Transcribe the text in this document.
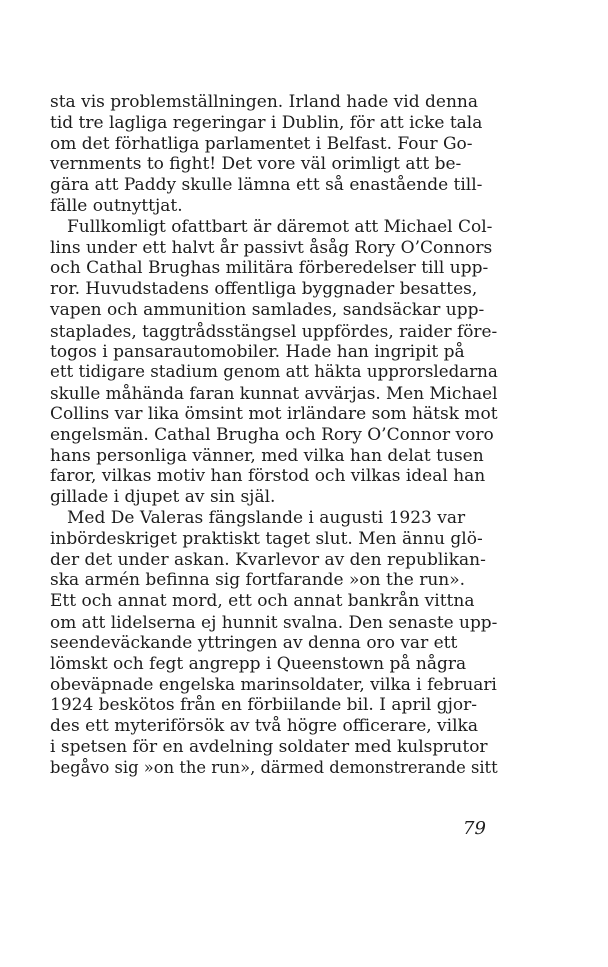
sta vis problemställningen. Irland hade vid denna
tid tre lagliga regeringar i Dublin, för att icke tala
om det förhatliga parlamentet i Belfast. Four Go-
vernments to fight! Det vore väl orimligt att be-
gära att Paddy skulle lämna ett så enastående till-
fälle outnyttjat.
Fullkomligt ofattbart är däremot att Michael Col-
lins under ett halvt år passivt åsåg Rory O’Connors
och Cathal Brughas militära förberedelser till upp-
ror. Huvudstadens offentliga byggnader besattes,
vapen och ammunition samlades, sandsäckar upp-
staplades, taggtrådsstängsel uppfördes, raider före-
togos i pansarautomobiler. Hade han ingripit på
ett tidigare stadium genom att häkta upprorsledarna
skulle måhända faran kunnat avvärjas. Men Michael
Collins var lika ömsint mot irländare som hätsk mot
engelsmän. Cathal Brugha och Rory O’Connor voro
hans personliga vänner, med vilka han delat tusen
faror, vilkas motiv han förstod och vilkas ideal han
gillade i djupet av sin själ.
Med De Valeras fängslande i augusti 1923 var
inbördeskriget praktiskt taget slut. Men ännu glö-
der det under askan. Kvarlevor av den republikan-
ska armén befinna sig fortfarande »on the run».
Ett och annat mord, ett och annat bankrån vittna
om att lidelserna ej hunnit svalna. Den senaste upp-
seendeväckande yttringen av denna oro var ett
lömskt och fegt angrepp i Queenstown på några
obeväpnade engelska marinsoldater, vilka i februari
1924 beskötos från en förbiilande bil. I april gjor-
des ett myteriförsök av två högre officerare, vilka
i spetsen för en avdelning soldater med kulsprutor
begåvo sig »on the run», därmed demonstrerande sitt
79
